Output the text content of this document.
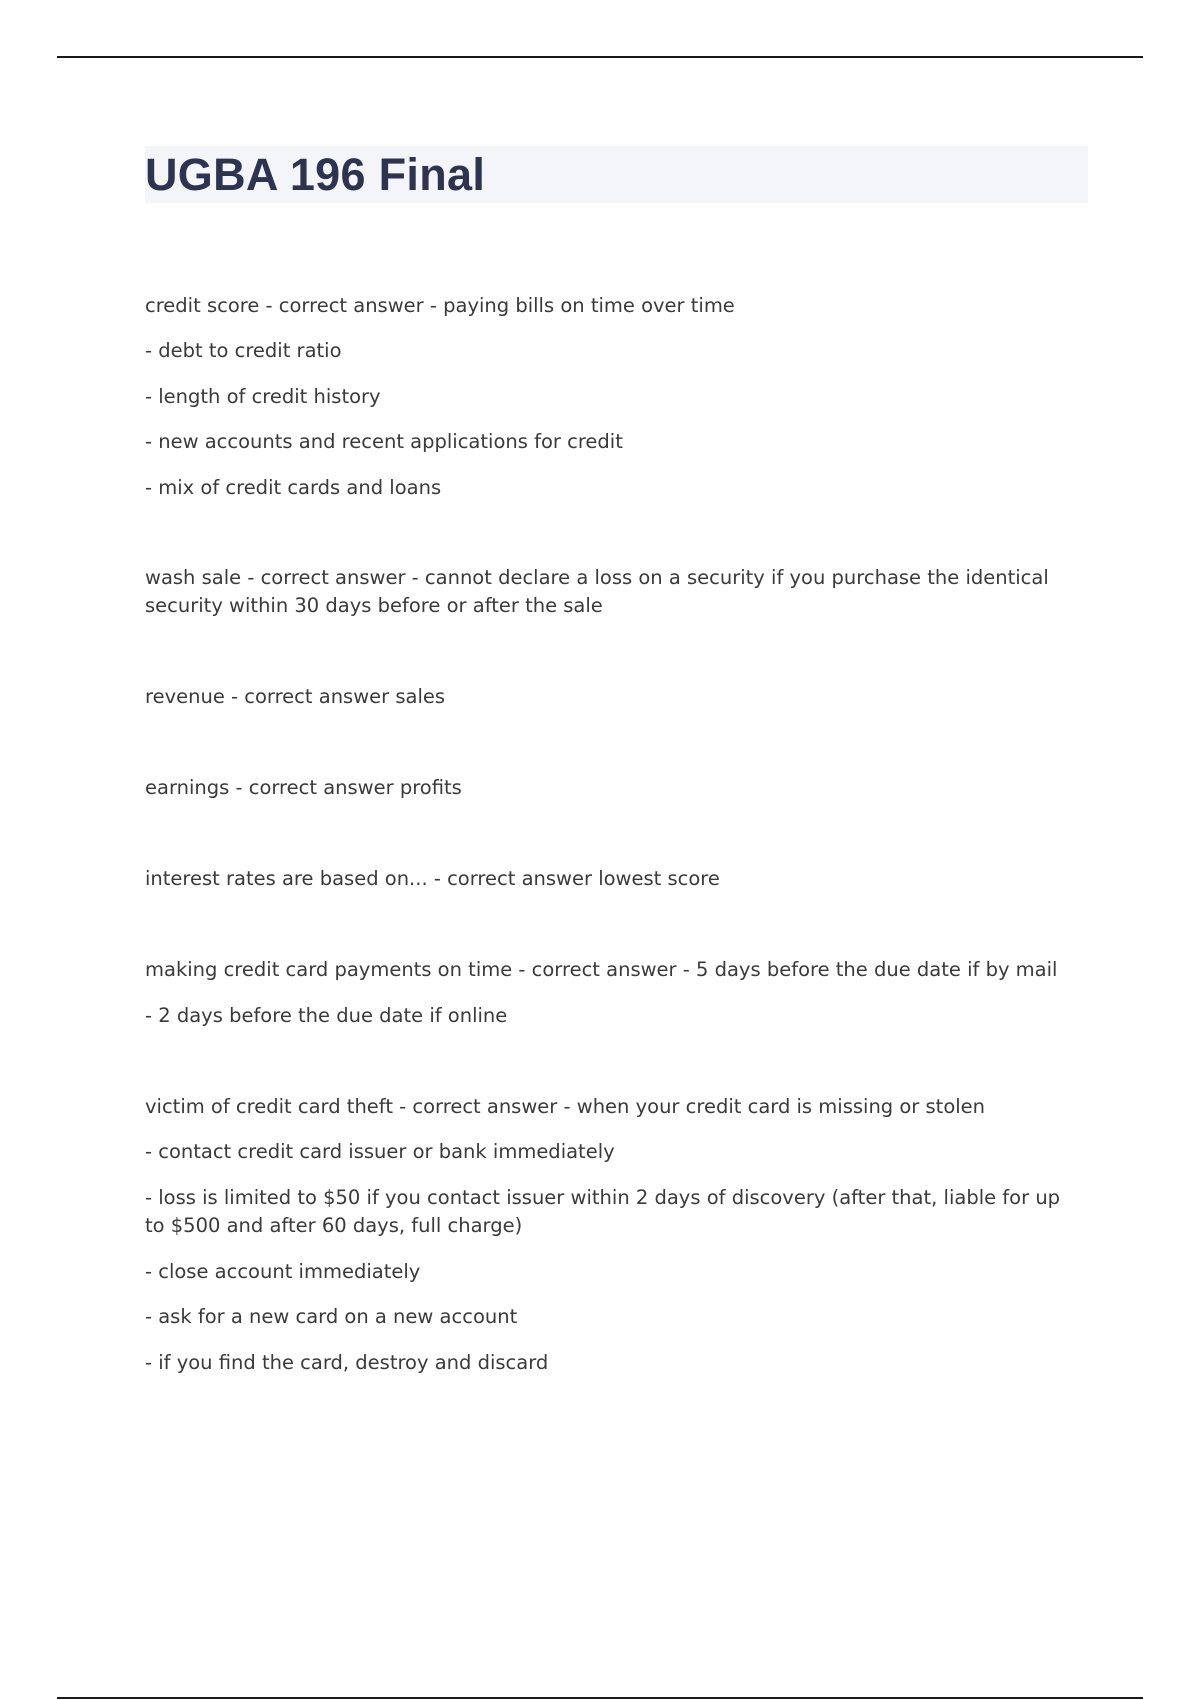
UGBA 196 Final
credit score - correct answer - paying bills on time over time
- debt to credit ratio
- length of credit history
- new accounts and recent applications for credit
- mix of credit cards and loans
wash sale - correct answer - cannot declare a loss on a security if you purchase the identical security within 30 days before or after the sale
revenue - correct answer sales
earnings - correct answer profits
interest rates are based on... - correct answer lowest score
making credit card payments on time - correct answer - 5 days before the due date if by mail
- 2 days before the due date if online
victim of credit card theft - correct answer - when your credit card is missing or stolen
- contact credit card issuer or bank immediately
- loss is limited to $50 if you contact issuer within 2 days of discovery (after that, liable for up to $500 and after 60 days, full charge)
- close account immediately
- ask for a new card on a new account
- if you find the card, destroy and discard
